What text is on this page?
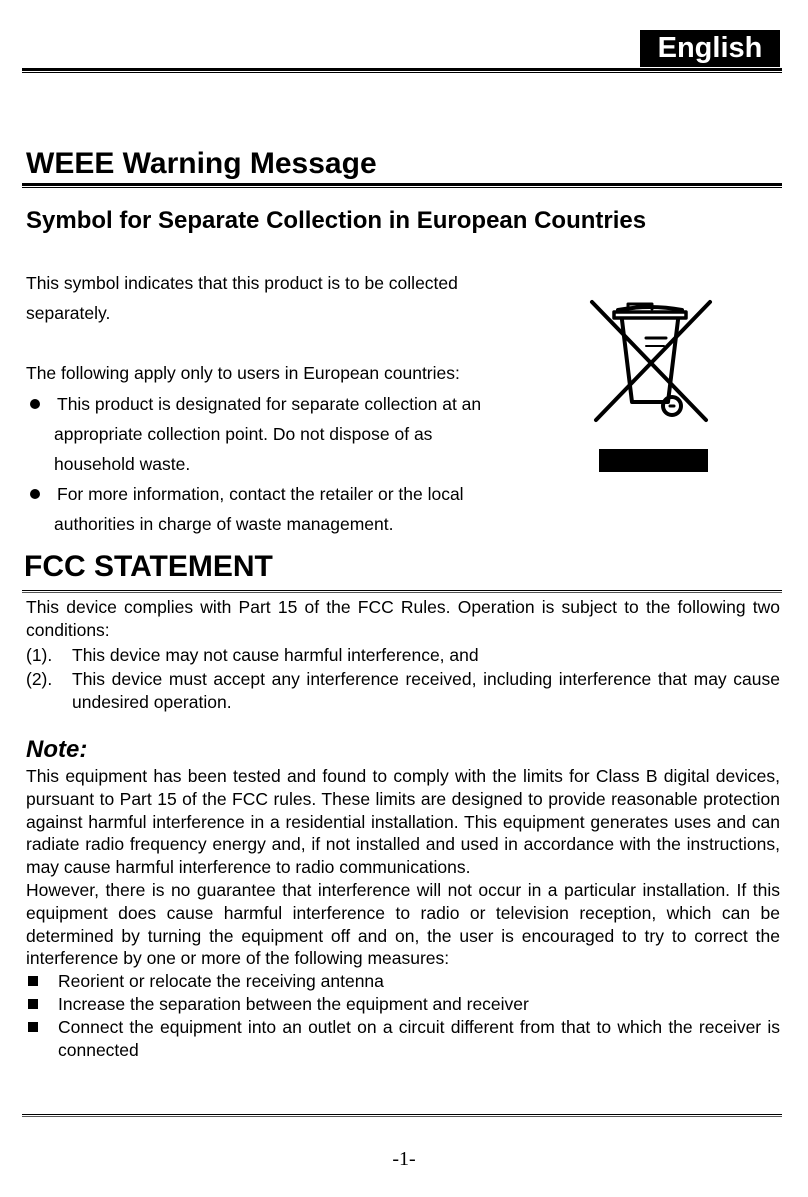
English
WEEE Warning Message
Symbol for Separate Collection in European Countries
This symbol indicates that this product is to be collected
separately.
The following apply only to users in European countries:
This product is designated for separate collection at an
appropriate collection point. Do not dispose of as
household waste.
For more information, contact the retailer or the local
authorities in charge of waste management.
FCC STATEMENT
This device complies with Part 15 of the FCC Rules. Operation is subject to the following two conditions:
(1). This device may not cause harmful interference, and
(2). This device must accept any interference received, including interference that may cause undesired operation.
Note:
This equipment has been tested and found to comply with the limits for Class B digital devices, pursuant to Part 15 of the FCC rules. These limits are designed to provide reasonable protection against harmful interference in a residential installation. This equipment generates uses and can radiate radio frequency energy and, if not installed and used in accordance with the instructions, may cause harmful interference to radio communications.
However, there is no guarantee that interference will not occur in a particular installation. If this equipment does cause harmful interference to radio or television reception, which can be determined by turning the equipment off and on, the user is encouraged to try to correct the interference by one or more of the following measures:
Reorient or relocate the receiving antenna
Increase the separation between the equipment and receiver
Connect the equipment into an outlet on a circuit different from that to which the receiver is connected
-1-
